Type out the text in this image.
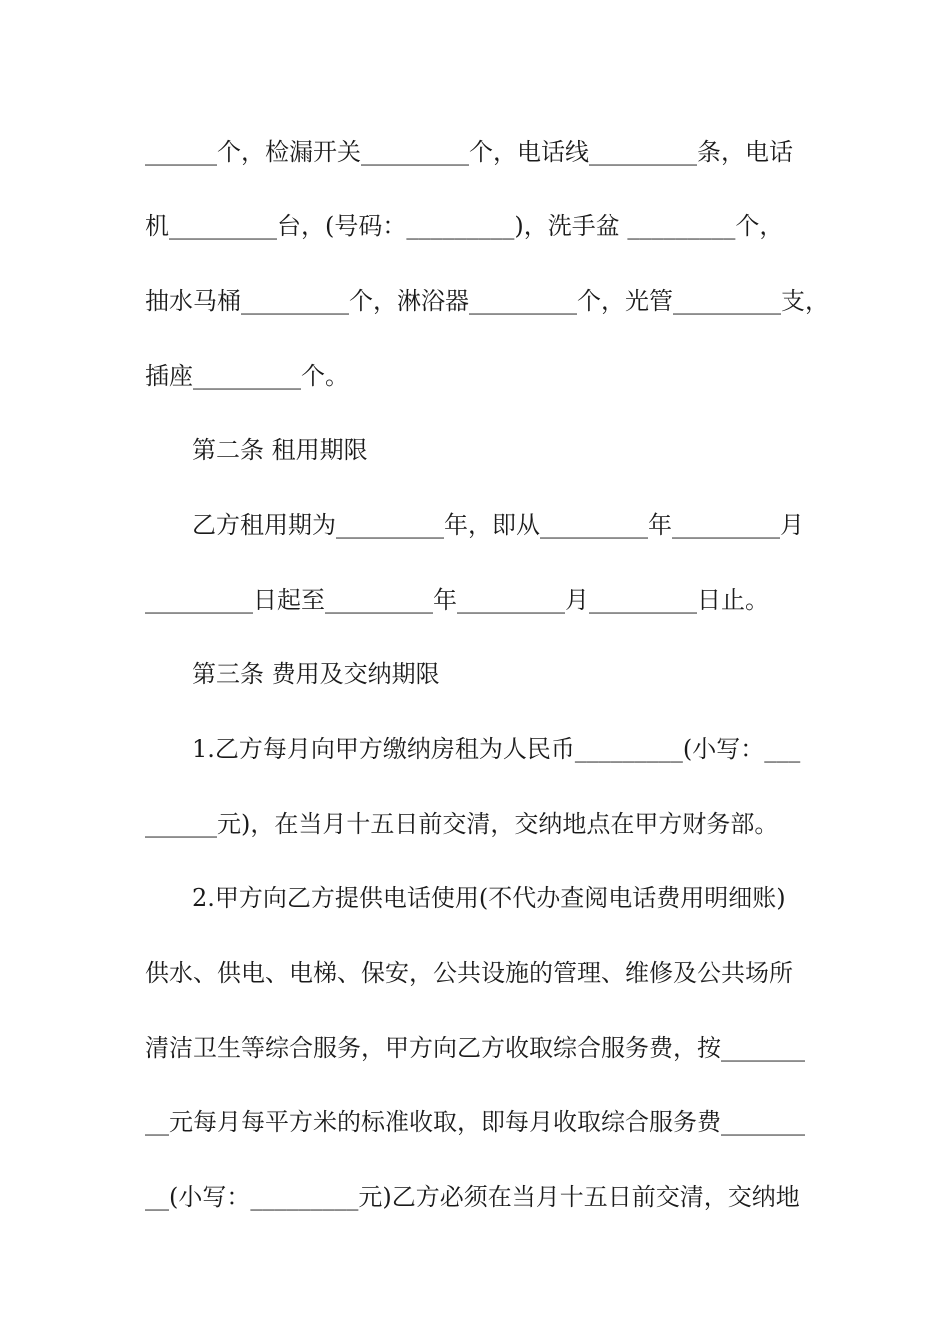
______个，检漏开关_________个，电话线_________条，电话
机_________台，(号码：_________)，洗手盆 _________个，
抽水马桶_________个，淋浴器_________个，光管_________支，
插座_________个。
第二条 租用期限
乙方租用期为_________年，即从_________年_________月
_________日起至_________年_________月_________日止。
第三条 费用及交纳期限
1.乙方每月向甲方缴纳房租为人民币_________(小写：___
______元)，在当月十五日前交清，交纳地点在甲方财务部。
2.甲方向乙方提供电话使用(不代办查阅电话费用明细账)
供水、供电、电梯、保安，公共设施的管理、维修及公共场所
清洁卫生等综合服务，甲方向乙方收取综合服务费，按_______
__元每月每平方米的标准收取，即每月收取综合服务费_______
__(小写：_________元)乙方必须在当月十五日前交清，交纳地
